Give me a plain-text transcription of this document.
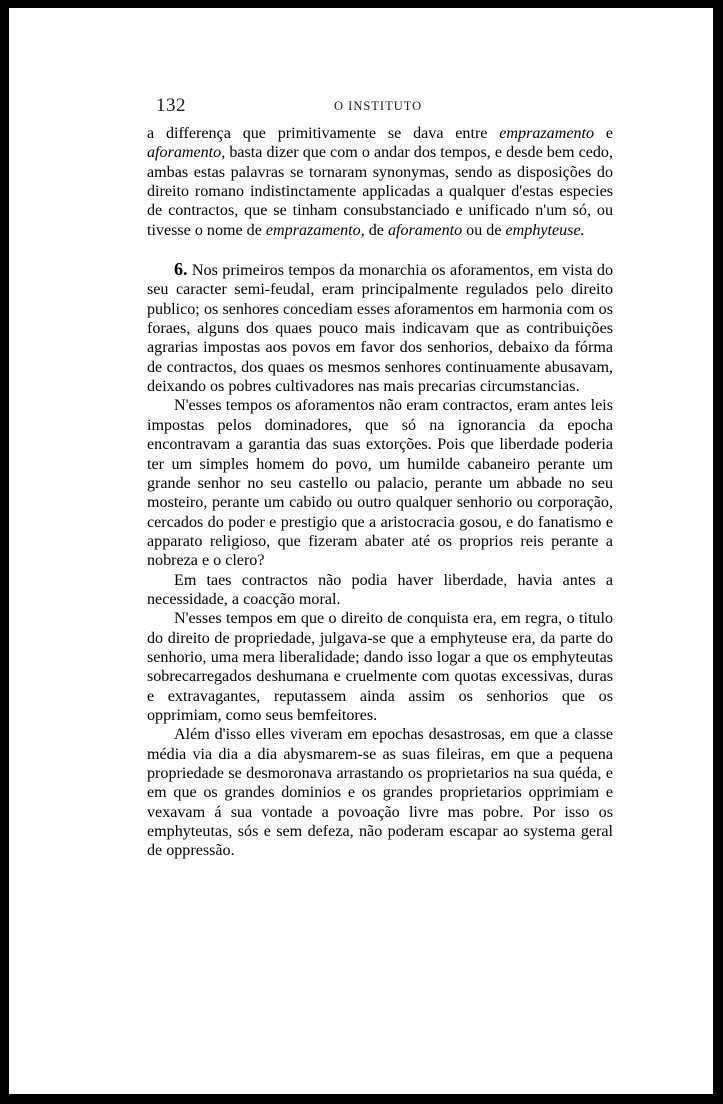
132	O INSTITUTO

a differença que primitivamente se dava entre emprazamento e aforamento, basta dizer que com o andar dos tempos, e desde bem cedo, ambas estas palavras se tornaram synonymas, sendo as disposições do direito romano indistinctamente applicadas a qualquer d'estas especies de contractos, que se tinham consubstanciado e unificado n'um só, ou tivesse o nome de emprazamento, de aforamento ou de emphyteuse.

6. Nos primeiros tempos da monarchia os aforamentos, em vista do seu caracter semi-feudal, eram principalmente regulados pelo direito publico; os senhores concediam esses aforamentos em harmonia com os foraes, alguns dos quaes pouco mais indicavam que as contribuições agrarias impostas aos povos em favor dos senhorios, debaixo da fórma de contractos, dos quaes os mesmos senhores continuamente abusavam, deixando os pobres cultivadores nas mais precarias circumstancias.

N'esses tempos os aforamentos não eram contractos, eram antes leis impostas pelos dominadores, que só na ignorancia da epocha encontravam a garantia das suas extorções. Pois que liberdade poderia ter um simples homem do povo, um humilde cabaneiro perante um grande senhor no seu castello ou palacio, perante um abbade no seu mosteiro, perante um cabido ou outro qualquer senhorio ou corporação, cercados do poder e prestigio que a aristocracia gosou, e do fanatismo e apparato religioso, que fizeram abater até os proprios reis perante a nobreza e o clero?

Em taes contractos não podia haver liberdade, havia antes a necessidade, a coacção moral.

N'esses tempos em que o direito de conquista era, em regra, o titulo do direito de propriedade, julgava-se que a emphyteuse era, da parte do senhorio, uma mera liberalidade; dando isso logar a que os emphyteutas sobrecarregados deshumana e cruelmente com quotas excessivas, duras e extravagantes, reputassem ainda assim os senhorios que os opprimiam, como seus bemfeitores.

Além d'isso elles viveram em epochas desastrosas, em que a classe média via dia a dia abysmarem-se as suas fileiras, em que a pequena propriedade se desmoronava arrastando os proprietarios na sua quéda, e em que os grandes dominios e os grandes proprietarios opprimiam e vexavam á sua vontade a povoação livre mas pobre. Por isso os emphyteutas, sós e sem defeza, não poderam escapar ao systema geral de oppressão.
